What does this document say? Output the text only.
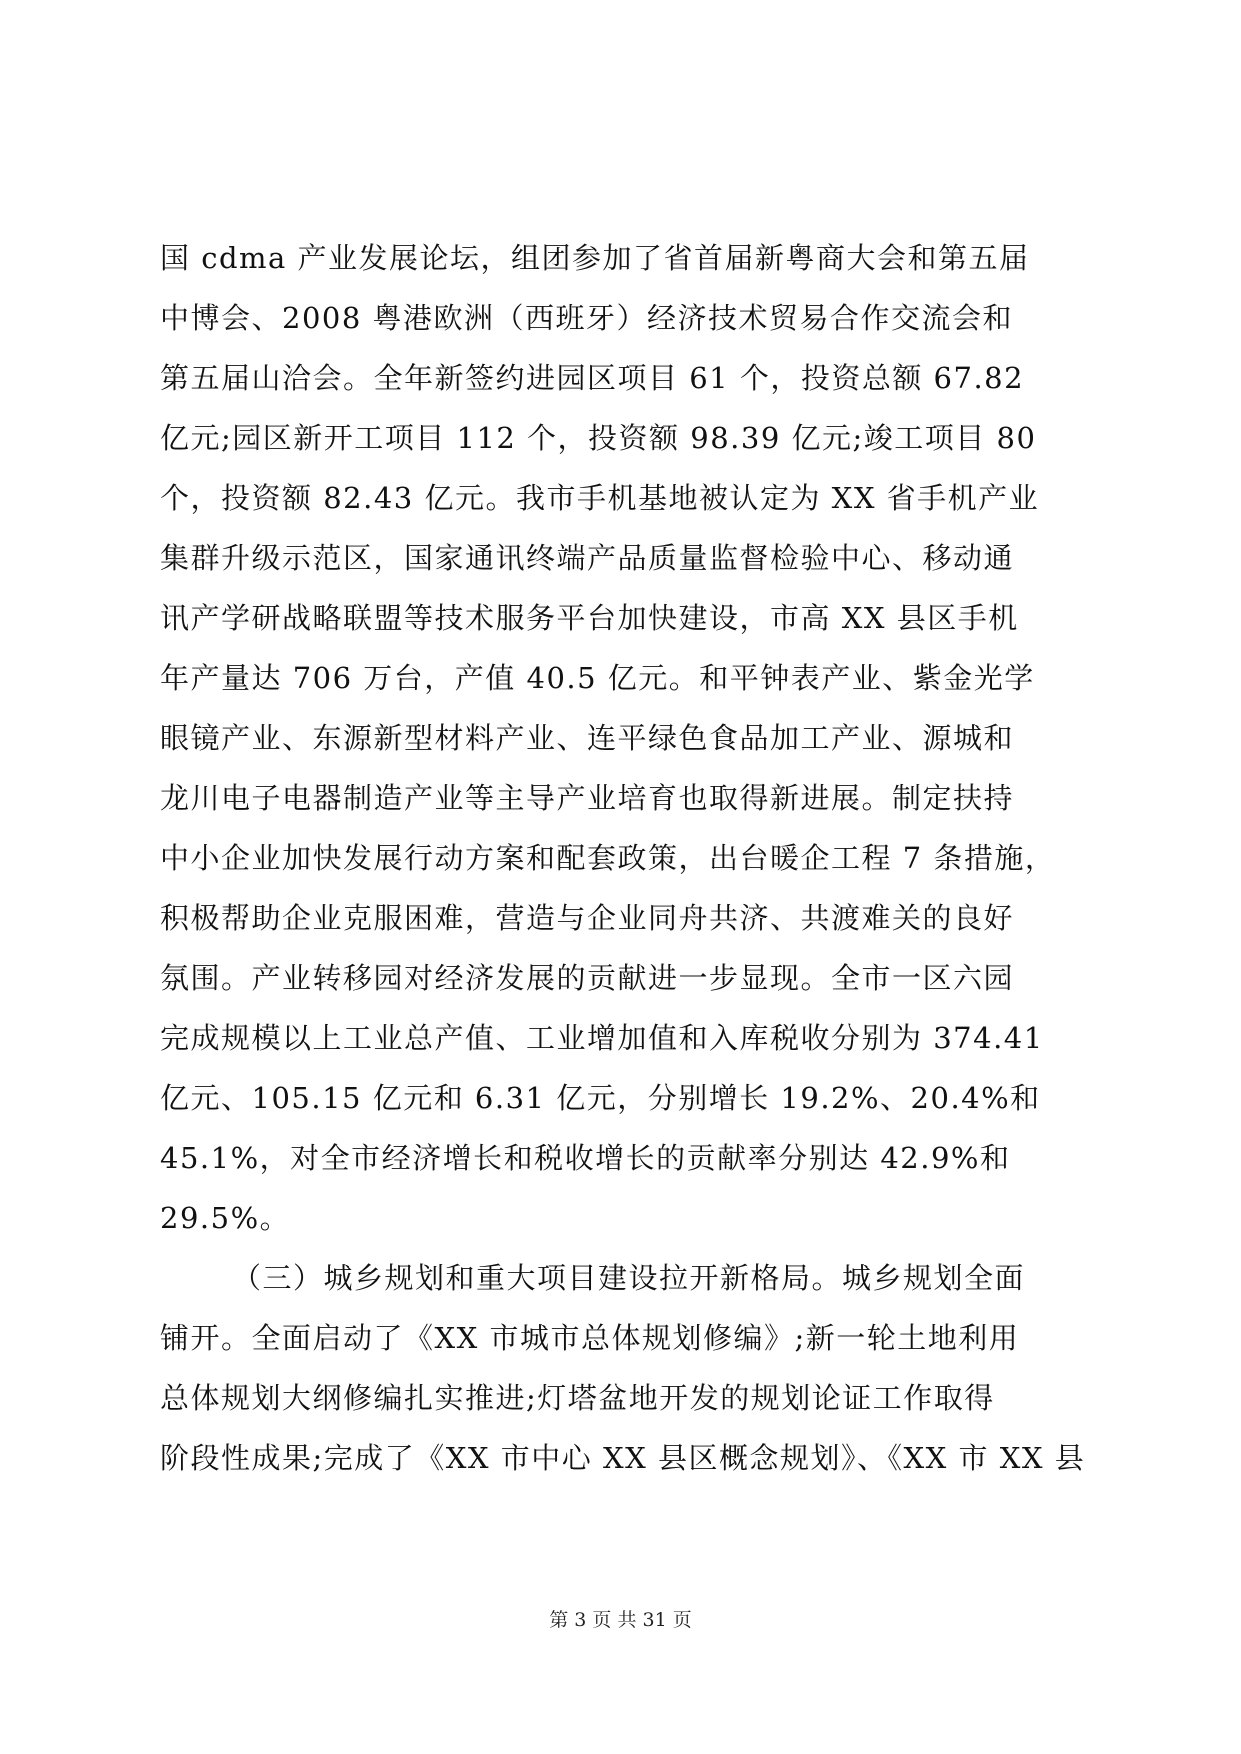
国 cdma 产业发展论坛，组团参加了省首届新粤商大会和第五届
中博会、2008 粤港欧洲（西班牙）经济技术贸易合作交流会和
第五届山洽会。全年新签约进园区项目 61 个，投资总额 67.82
亿元;园区新开工项目 112 个，投资额 98.39 亿元;竣工项目 80
个，投资额 82.43 亿元。我市手机基地被认定为 XX 省手机产业
集群升级示范区，国家通讯终端产品质量监督检验中心、移动通
讯产学研战略联盟等技术服务平台加快建设，市高 XX 县区手机
年产量达 706 万台，产值 40.5 亿元。和平钟表产业、紫金光学
眼镜产业、东源新型材料产业、连平绿色食品加工产业、源城和
龙川电子电器制造产业等主导产业培育也取得新进展。制定扶持
中小企业加快发展行动方案和配套政策，出台暖企工程 7 条措施，
积极帮助企业克服困难，营造与企业同舟共济、共渡难关的良好
氛围。产业转移园对经济发展的贡献进一步显现。全市一区六园
完成规模以上工业总产值、工业增加值和入库税收分别为 374.41
亿元、105.15 亿元和 6.31 亿元，分别增长 19.2%、20.4%和
45.1%，对全市经济增长和税收增长的贡献率分别达 42.9%和
29.5%。
（三）城乡规划和重大项目建设拉开新格局。城乡规划全面
铺开。全面启动了《XX 市城市总体规划修编》;新一轮土地利用
总体规划大纲修编扎实推进;灯塔盆地开发的规划论证工作取得
阶段性成果;完成了《XX 市中心 XX 县区概念规划》、《XX 市 XX 县
第 3 页 共 31 页
